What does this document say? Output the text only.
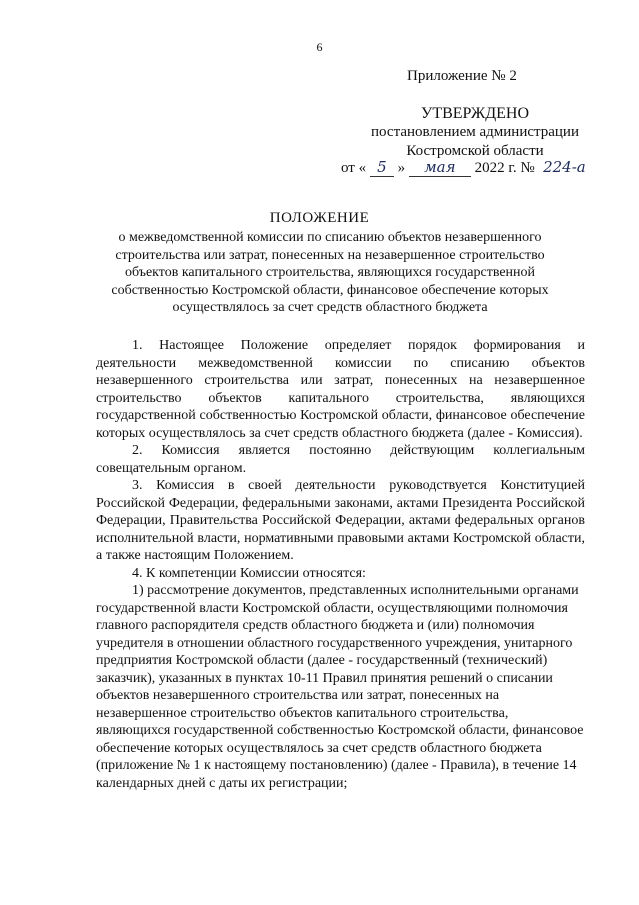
6
Приложение № 2
УТВЕРЖДЕНО
постановлением администрации
Костромской области
от « 5 » мая 2022 г. № 224-а
ПОЛОЖЕНИЕ
о межведомственной комиссии по списанию объектов незавершенного строительства или затрат, понесенных на незавершенное строительство объектов капитального строительства, являющихся государственной собственностью Костромской области, финансовое обеспечение которых осуществлялось за счет средств областного бюджета

1. Настоящее Положение определяет порядок формирования и деятельности межведомственной комиссии по списанию объектов незавершенного строительства или затрат, понесенных на незавершенное строительство объектов капитального строительства, являющихся государственной собственностью Костромской области, финансовое обеспечение которых осуществлялось за счет средств областного бюджета (далее - Комиссия).

2. Комиссия является постоянно действующим коллегиальным совещательным органом.

3. Комиссия в своей деятельности руководствуется Конституцией Российской Федерации, федеральными законами, актами Президента Российской Федерации, Правительства Российской Федерации, актами федеральных органов исполнительной власти, нормативными правовыми актами Костромской области, а также настоящим Положением.

4. К компетенции Комиссии относятся:

1) рассмотрение документов, представленных исполнительными органами государственной власти Костромской области, осуществляющими полномочия главного распорядителя средств областного бюджета и (или) полномочия учредителя в отношении областного государственного учреждения, унитарного предприятия Костромской области (далее - государственный (технический) заказчик), указанных в пунктах 10-11 Правил принятия решений о списании объектов незавершенного строительства или затрат, понесенных на незавершенное строительство объектов капитального строительства, являющихся государственной собственностью Костромской области, финансовое обеспечение которых осуществлялось за счет средств областного бюджета (приложение № 1 к настоящему постановлению) (далее - Правила), в течение 14 календарных дней с даты их регистрации;
